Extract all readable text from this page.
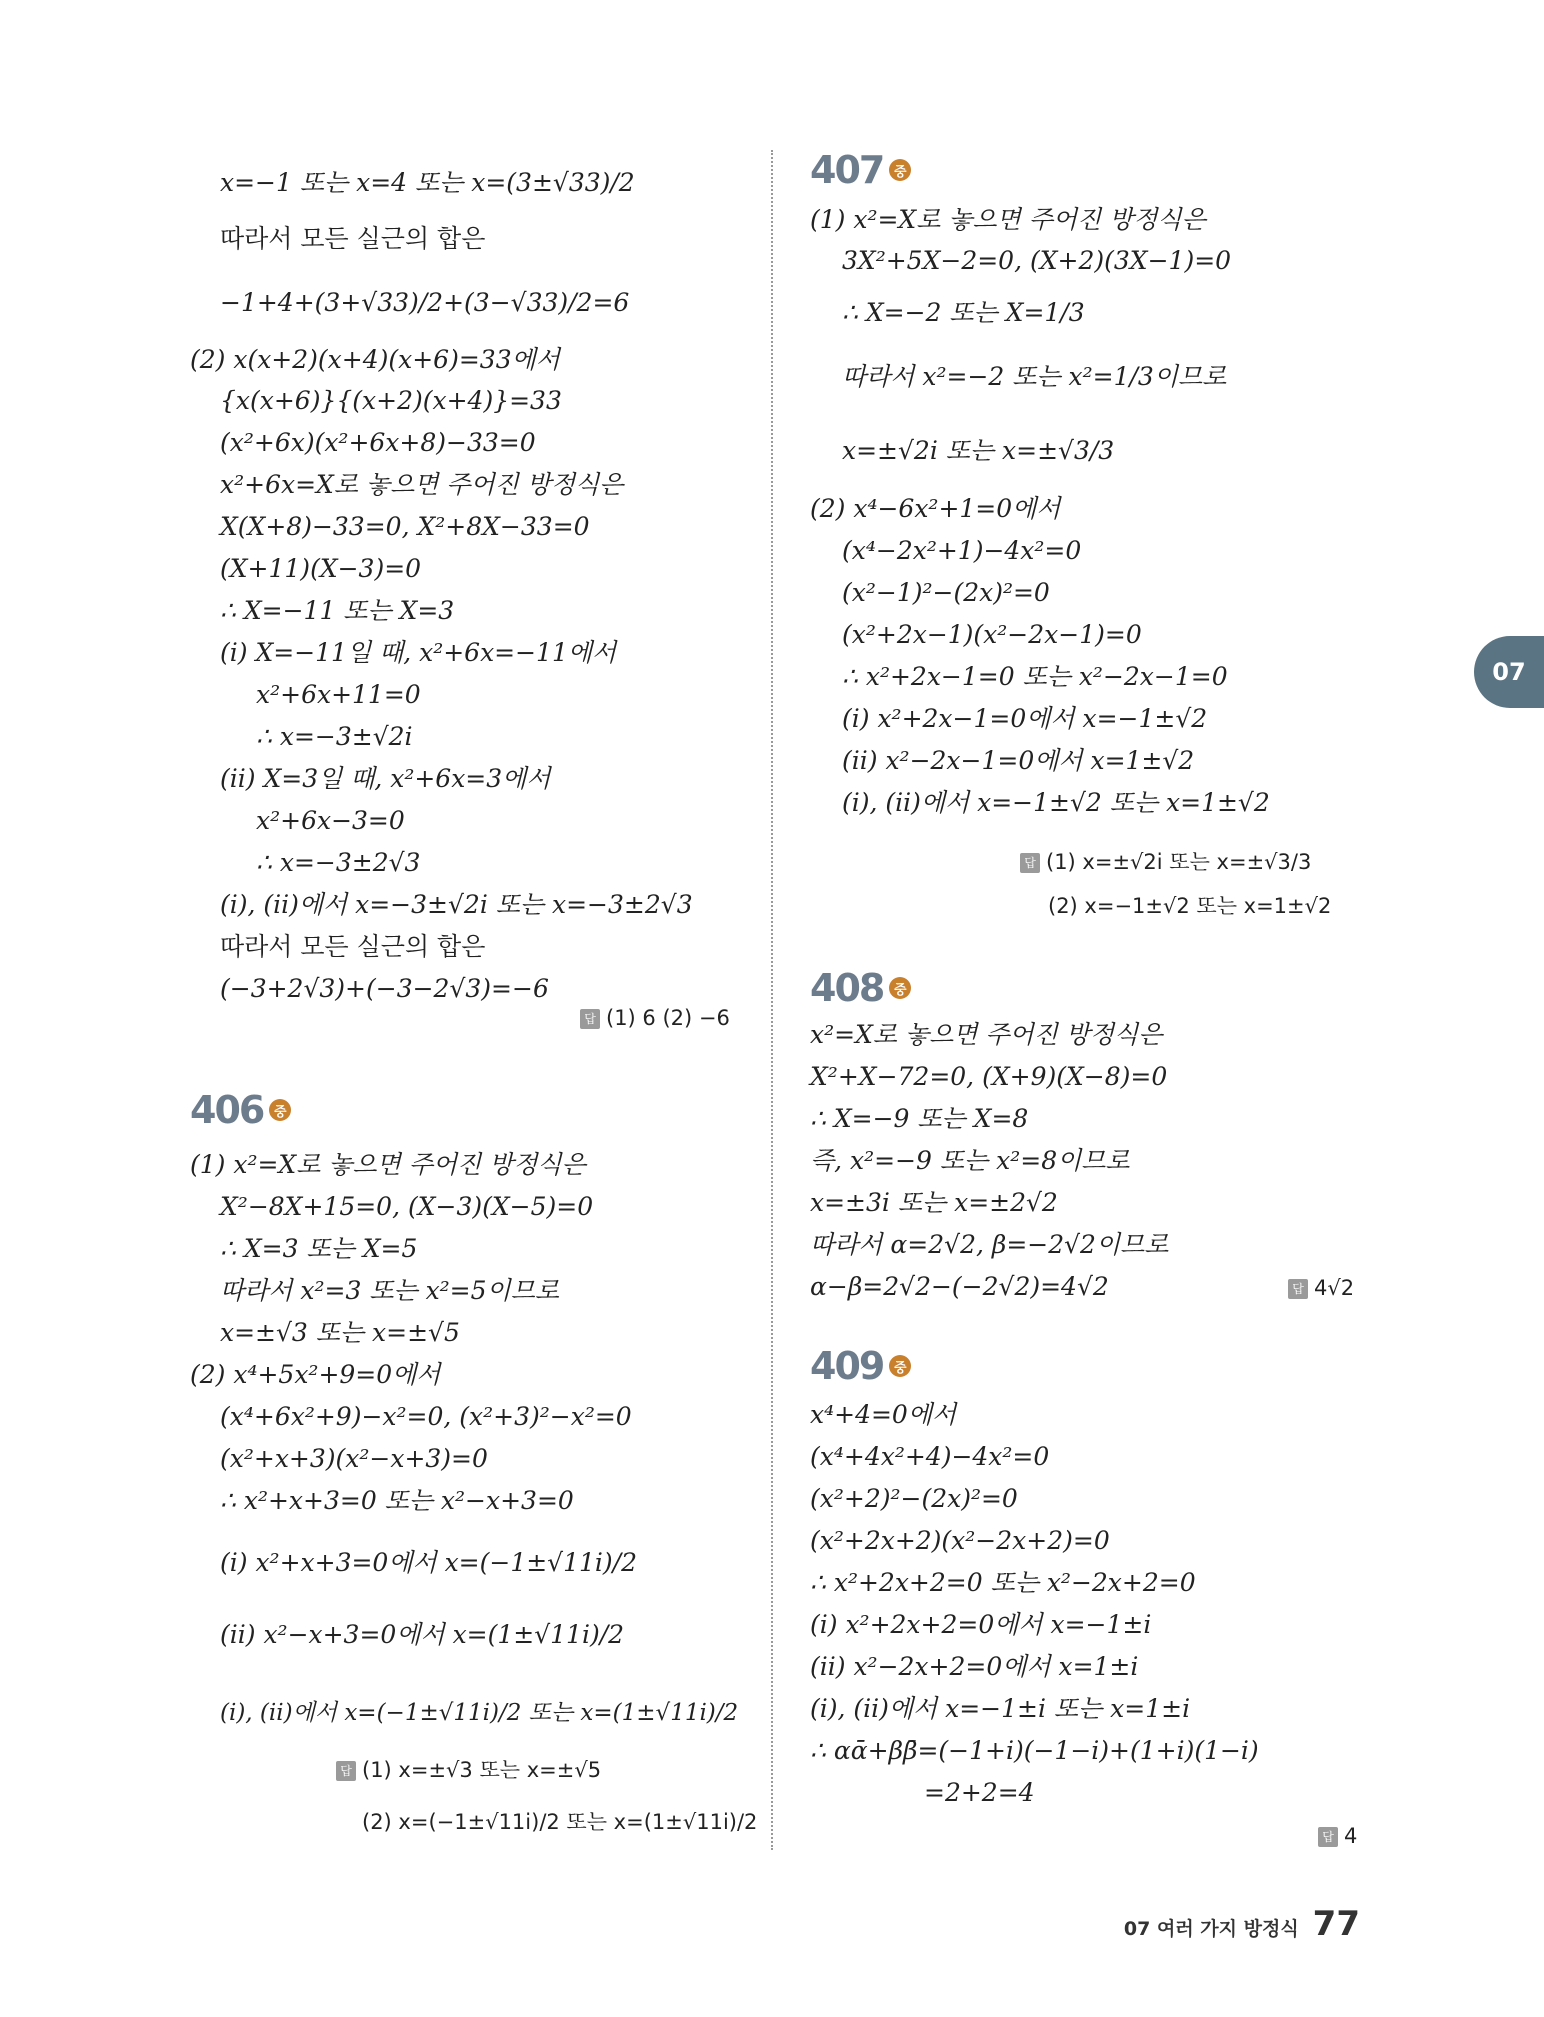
x=−1 또는 x=4 또는 x=(3±√33)/2
따라서 모든 실근의 합은
−1+4+(3+√33)/2+(3−√33)/2=6
(2) x(x+2)(x+4)(x+6)=33에서
{x(x+6)}{(x+2)(x+4)}=33
(x²+6x)(x²+6x+8)−33=0
x²+6x=X로 놓으면 주어진 방정식은
X(X+8)−33=0, X²+8X−33=0
(X+11)(X−3)=0
∴ X=−11 또는 X=3
(i) X=−11일 때, x²+6x=−11에서
x²+6x+11=0
∴ x=−3±√2i
(ii) X=3일 때, x²+6x=3에서
x²+6x−3=0
∴ x=−3±2√3
(i), (ii)에서 x=−3±√2i 또는 x=−3±2√3
따라서 모든 실근의 합은
(−3+2√3)+(−3−2√3)=−6
답 (1) 6 (2) −6
406 중
(1) x²=X로 놓으면 주어진 방정식은
X²−8X+15=0, (X−3)(X−5)=0
∴ X=3 또는 X=5
따라서 x²=3 또는 x²=5이므로
x=±√3 또는 x=±√5
(2) x⁴+5x²+9=0에서
(x⁴+6x²+9)−x²=0, (x²+3)²−x²=0
(x²+x+3)(x²−x+3)=0
∴ x²+x+3=0 또는 x²−x+3=0
(i) x²+x+3=0에서 x=(−1±√11i)/2
(ii) x²−x+3=0에서 x=(1±√11i)/2
(i), (ii)에서 x=(−1±√11i)/2 또는 x=(1±√11i)/2
답 (1) x=±√3 또는 x=±√5
(2) x=(−1±√11i)/2 또는 x=(1±√11i)/2
407 중
(1) x²=X로 놓으면 주어진 방정식은
3X²+5X−2=0, (X+2)(3X−1)=0
∴ X=−2 또는 X=1/3
따라서 x²=−2 또는 x²=1/3이므로
x=±√2i 또는 x=±√3/3
(2) x⁴−6x²+1=0에서
(x⁴−2x²+1)−4x²=0
(x²−1)²−(2x)²=0
(x²+2x−1)(x²−2x−1)=0
∴ x²+2x−1=0 또는 x²−2x−1=0
(i) x²+2x−1=0에서 x=−1±√2
(ii) x²−2x−1=0에서 x=1±√2
(i), (ii)에서 x=−1±√2 또는 x=1±√2
답 (1) x=±√2i 또는 x=±√3/3
(2) x=−1±√2 또는 x=1±√2
408 중
x²=X로 놓으면 주어진 방정식은
X²+X−72=0, (X+9)(X−8)=0
∴ X=−9 또는 X=8
즉, x²=−9 또는 x²=8이므로
x=±3i 또는 x=±2√2
따라서 α=2√2, β=−2√2이므로
α−β=2√2−(−2√2)=4√2	답 4√2
409 중
x⁴+4=0에서
(x⁴+4x²+4)−4x²=0
(x²+2)²−(2x)²=0
(x²+2x+2)(x²−2x+2)=0
∴ x²+2x+2=0 또는 x²−2x+2=0
(i) x²+2x+2=0에서 x=−1±i
(ii) x²−2x+2=0에서 x=1±i
(i), (ii)에서 x=−1±i 또는 x=1±i
∴ αᾱ+ββ̄=(−1+i)(−1−i)+(1+i)(1−i)
=2+2=4
답 4
07
07 여러 가지 방정식 77
